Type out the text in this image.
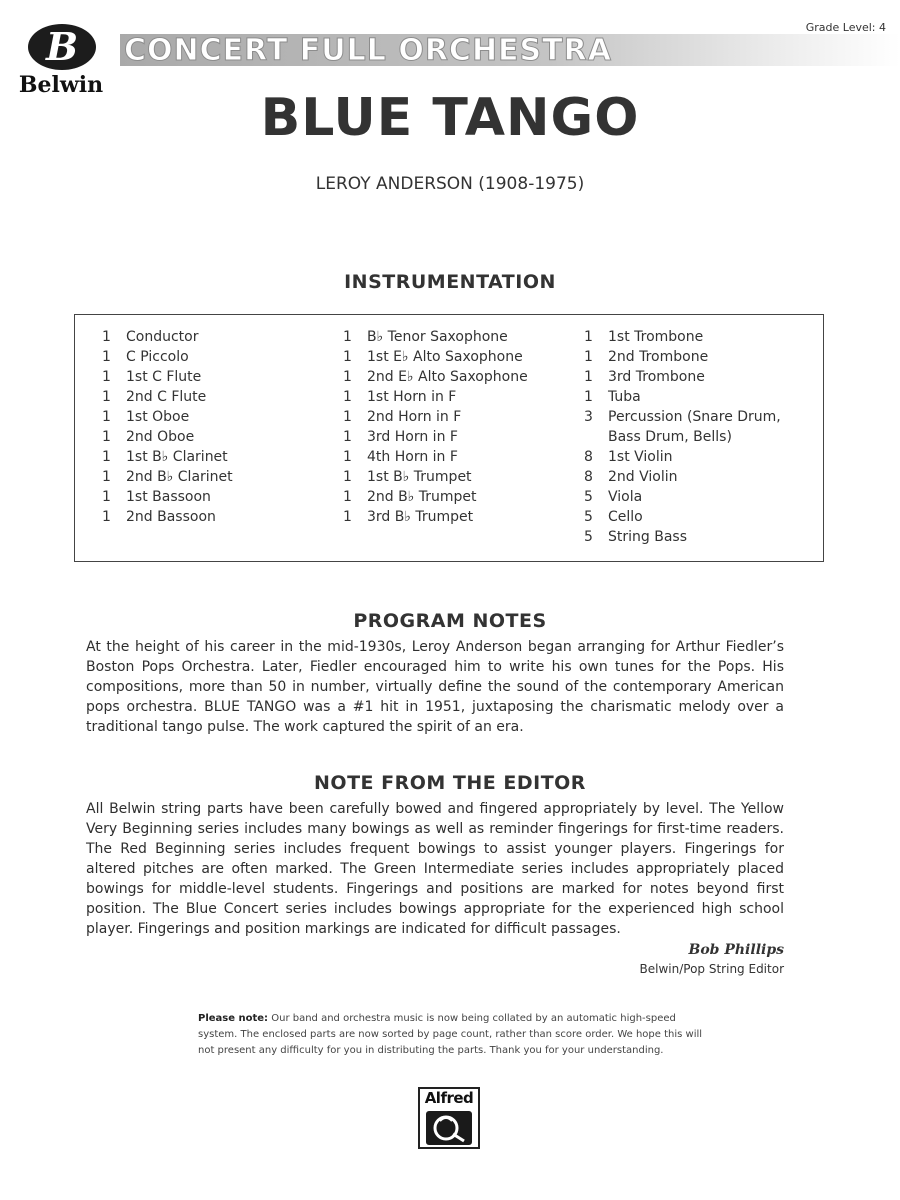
B
Belwin
CONCERT FULL ORCHESTRA
Grade Level: 4
BLUE TANGO
LEROY ANDERSON (1908-1975)
INSTRUMENTATION
1	Conductor
1	C Piccolo
1	1st C Flute
1	2nd C Flute
1	1st Oboe
1	2nd Oboe
1	1st B♭ Clarinet
1	2nd B♭ Clarinet
1	1st Bassoon
1	2nd Bassoon
1	B♭ Tenor Saxophone
1	1st E♭ Alto Saxophone
1	2nd E♭ Alto Saxophone
1	1st Horn in F
1	2nd Horn in F
1	3rd Horn in F
1	4th Horn in F
1	1st B♭ Trumpet
1	2nd B♭ Trumpet
1	3rd B♭ Trumpet
1	1st Trombone
1	2nd Trombone
1	3rd Trombone
1	Tuba
3	Percussion (Snare Drum,
Bass Drum, Bells)
8	1st Violin
8	2nd Violin
5	Viola
5	Cello
5	String Bass
PROGRAM NOTES
At the height of his career in the mid-1930s, Leroy Anderson began arranging for Arthur Fiedler’s Boston Pops Orchestra. Later, Fiedler encouraged him to write his own tunes for the Pops. His compositions, more than 50 in number, virtually define the sound of the contemporary American pops orchestra. BLUE TANGO was a #1 hit in 1951, juxtaposing the charismatic melody over a traditional tango pulse. The work captured the spirit of an era.
NOTE FROM THE EDITOR
All Belwin string parts have been carefully bowed and fingered appropriately by level. The Yellow Very Beginning series includes many bowings as well as reminder fingerings for first-time readers. The Red Beginning series includes frequent bowings to assist younger players. Fingerings for altered pitches are often marked. The Green Intermediate series includes appropriately placed bowings for middle-level students. Fingerings and positions are marked for notes beyond first position. The Blue Concert series includes bowings appropriate for the experienced high school player. Fingerings and position markings are indicated for difficult passages.
Bob Phillips
Belwin/Pop String Editor
Please note: Our band and orchestra music is now being collated by an automatic high-speed system. The enclosed parts are now sorted by page count, rather than score order. We hope this will not present any difficulty for you in distributing the parts. Thank you for your understanding.
Alfred
